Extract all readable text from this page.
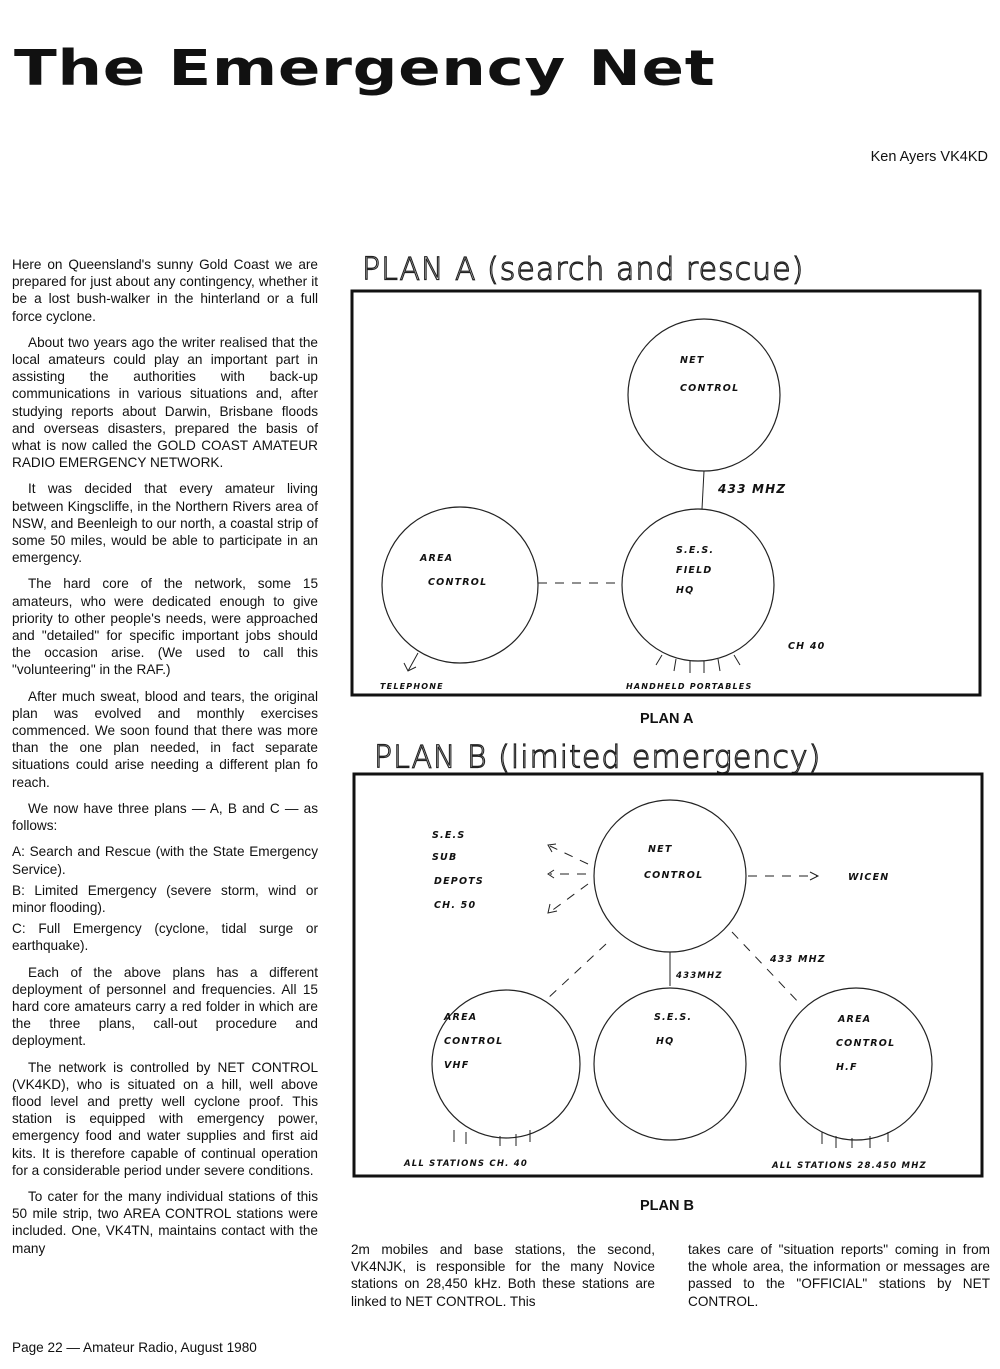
The Emergency Net
Ken Ayers VK4KD

Here on Queensland's sunny Gold Coast we are prepared for just about any contingency, whether it be a lost bush-walker in the hinterland or a full force cyclone.

About two years ago the writer realised that the local amateurs could play an important part in assisting the authorities with back-up communications in various situations and, after studying reports about Darwin, Brisbane floods and overseas disasters, prepared the basis of what is now called the GOLD COAST AMATEUR RADIO EMERGENCY NETWORK.

It was decided that every amateur living between Kingscliffe, in the Northern Rivers area of NSW, and Beenleigh to our north, a coastal strip of some 50 miles, would be able to participate in an emergency.

The hard core of the network, some 15 amateurs, who were dedicated enough to give priority to other people's needs, were approached and "detailed" for specific important jobs should the occasion arise. (We used to call this "volunteering" in the RAF.)

After much sweat, blood and tears, the original plan was evolved and monthly exercises commenced. We soon found that there was more than the one plan needed, in fact separate situations could arise needing a different plan fo reach.

We now have three plans — A, B and C — as follows:

A: Search and Rescue (with the State Emergency Service).

B: Limited Emergency (severe storm, wind or minor flooding).

C: Full Emergency (cyclone, tidal surge or earthquake).

Each of the above plans has a different deployment of personnel and frequencies. All 15 hard core amateurs carry a red folder in which are the three plans, call-out procedure and deployment.

The network is controlled by NET CONTROL (VK4KD), who is situated on a hill, well above flood level and pretty well cyclone proof. This station is equipped with emergency power, emergency food and water supplies and first aid kits. It is therefore capable of continual operation for a considerable period under severe conditions.

To cater for the many individual stations of this 50 mile strip, two AREA CONTROL stations were included. One, VK4TN, maintains contact with the many

PLAN A (search and rescue)
NET
CONTROL
433 MHZ
S.E.S.
FIELD
HQ
AREA
CONTROL
CH 40
TELEPHONE	HANDHELD PORTABLES
PLAN A
PLAN B (limited emergency)
S.E.S
SUB
DEPOTS
CH. 50
NET
CONTROL	WICEN
433 MHZ
433MHZ
AREA
CONTROL
VHF
S.E.S.
HQ
AREA
CONTROL
H.F
ALL STATIONS CH. 40	ALL STATIONS 28.450 MHZ
PLAN B

2m mobiles and base stations, the second, VK4NJK, is responsible for the many Novice stations on 28,450 kHz. Both these stations are linked to NET CONTROL. This

takes care of "situation reports" coming in from the whole area, the information or messages are passed to the "OFFICIAL" stations by NET CONTROL.

Page 22 — Amateur Radio, August 1980
